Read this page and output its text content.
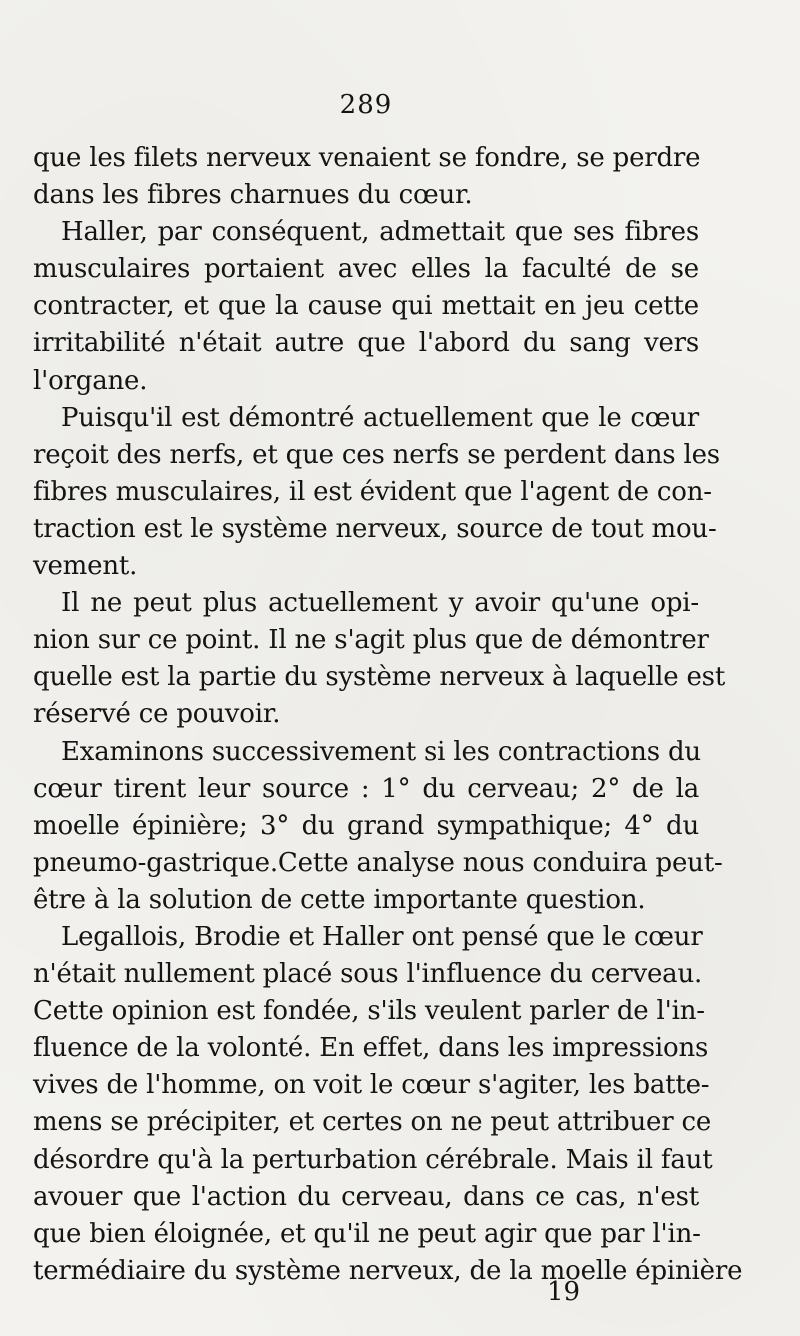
289
que les filets nerveux venaient se fondre, se perdre
dans les fibres charnues du cœur.
Haller, par conséquent, admettait que ses fibres
musculaires portaient avec elles la faculté de se
contracter, et que la cause qui mettait en jeu cette
irritabilité n'était autre que l'abord du sang vers
l'organe.
Puisqu'il est démontré actuellement que le cœur
reçoit des nerfs, et que ces nerfs se perdent dans les
fibres musculaires, il est évident que l'agent de con-
traction est le système nerveux, source de tout mou-
vement.
Il ne peut plus actuellement y avoir qu'une opi-
nion sur ce point. Il ne s'agit plus que de démontrer
quelle est la partie du système nerveux à laquelle est
réservé ce pouvoir.
Examinons successivement si les contractions du
cœur tirent leur source : 1° du cerveau; 2° de la
moelle épinière; 3° du grand sympathique; 4° du
pneumo-gastrique.Cette analyse nous conduira peut-
être à la solution de cette importante question.
Legallois, Brodie et Haller ont pensé que le cœur
n'était nullement placé sous l'influence du cerveau.
Cette opinion est fondée, s'ils veulent parler de l'in-
fluence de la volonté. En effet, dans les impressions
vives de l'homme, on voit le cœur s'agiter, les batte-
mens se précipiter, et certes on ne peut attribuer ce
désordre qu'à la perturbation cérébrale. Mais il faut
avouer que l'action du cerveau, dans ce cas, n'est
que bien éloignée, et qu'il ne peut agir que par l'in-
termédiaire du système nerveux, de la moelle épinière
19
